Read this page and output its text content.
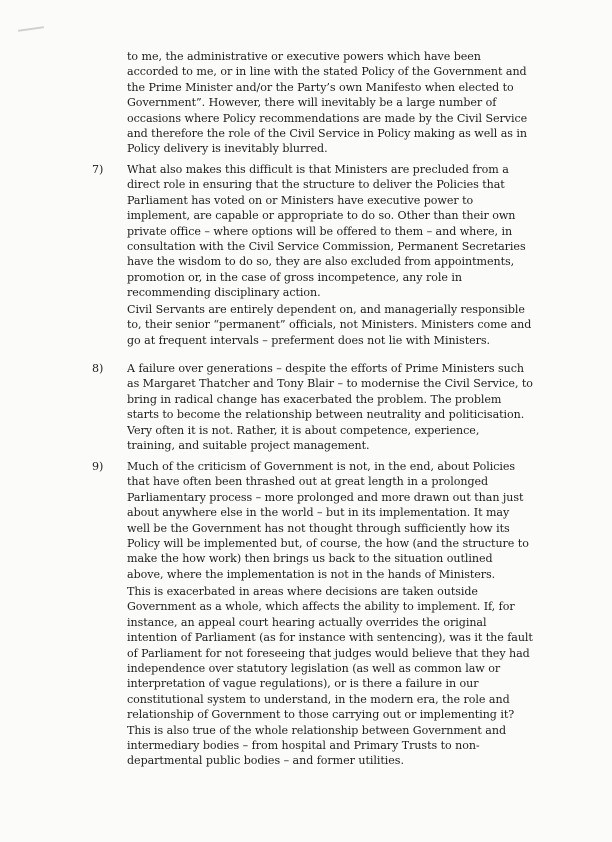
to me, the administrative or executive powers which have been
accorded to me, or in line with the stated Policy of the Government and
the Prime Minister and/or the Party’s own Manifesto when elected to
Government”. However, there will inevitably be a large number of
occasions where Policy recommendations are made by the Civil Service
and therefore the role of the Civil Service in Policy making as well as in
Policy delivery is inevitably blurred.
7) What also makes this difficult is that Ministers are precluded from a
direct role in ensuring that the structure to deliver the Policies that
Parliament has voted on or Ministers have executive power to
implement, are capable or appropriate to do so. Other than their own
private office – where options will be offered to them – and where, in
consultation with the Civil Service Commission, Permanent Secretaries
have the wisdom to do so, they are also excluded from appointments,
promotion or, in the case of gross incompetence, any role in
recommending disciplinary action.
Civil Servants are entirely dependent on, and managerially responsible
to, their senior “permanent” officials, not Ministers. Ministers come and
go at frequent intervals – preferment does not lie with Ministers.
8) A failure over generations – despite the efforts of Prime Ministers such
as Margaret Thatcher and Tony Blair – to modernise the Civil Service, to
bring in radical change has exacerbated the problem. The problem
starts to become the relationship between neutrality and politicisation.
Very often it is not. Rather, it is about competence, experience,
training, and suitable project management.
9) Much of the criticism of Government is not, in the end, about Policies
that have often been thrashed out at great length in a prolonged
Parliamentary process – more prolonged and more drawn out than just
about anywhere else in the world – but in its implementation. It may
well be the Government has not thought through sufficiently how its
Policy will be implemented but, of course, the how (and the structure to
make the how work) then brings us back to the situation outlined
above, where the implementation is not in the hands of Ministers.
This is exacerbated in areas where decisions are taken outside
Government as a whole, which affects the ability to implement. If, for
instance, an appeal court hearing actually overrides the original
intention of Parliament (as for instance with sentencing), was it the fault
of Parliament for not foreseeing that judges would believe that they had
independence over statutory legislation (as well as common law or
interpretation of vague regulations), or is there a failure in our
constitutional system to understand, in the modern era, the role and
relationship of Government to those carrying out or implementing it?
This is also true of the whole relationship between Government and
intermediary bodies – from hospital and Primary Trusts to non-
departmental public bodies – and former utilities.
